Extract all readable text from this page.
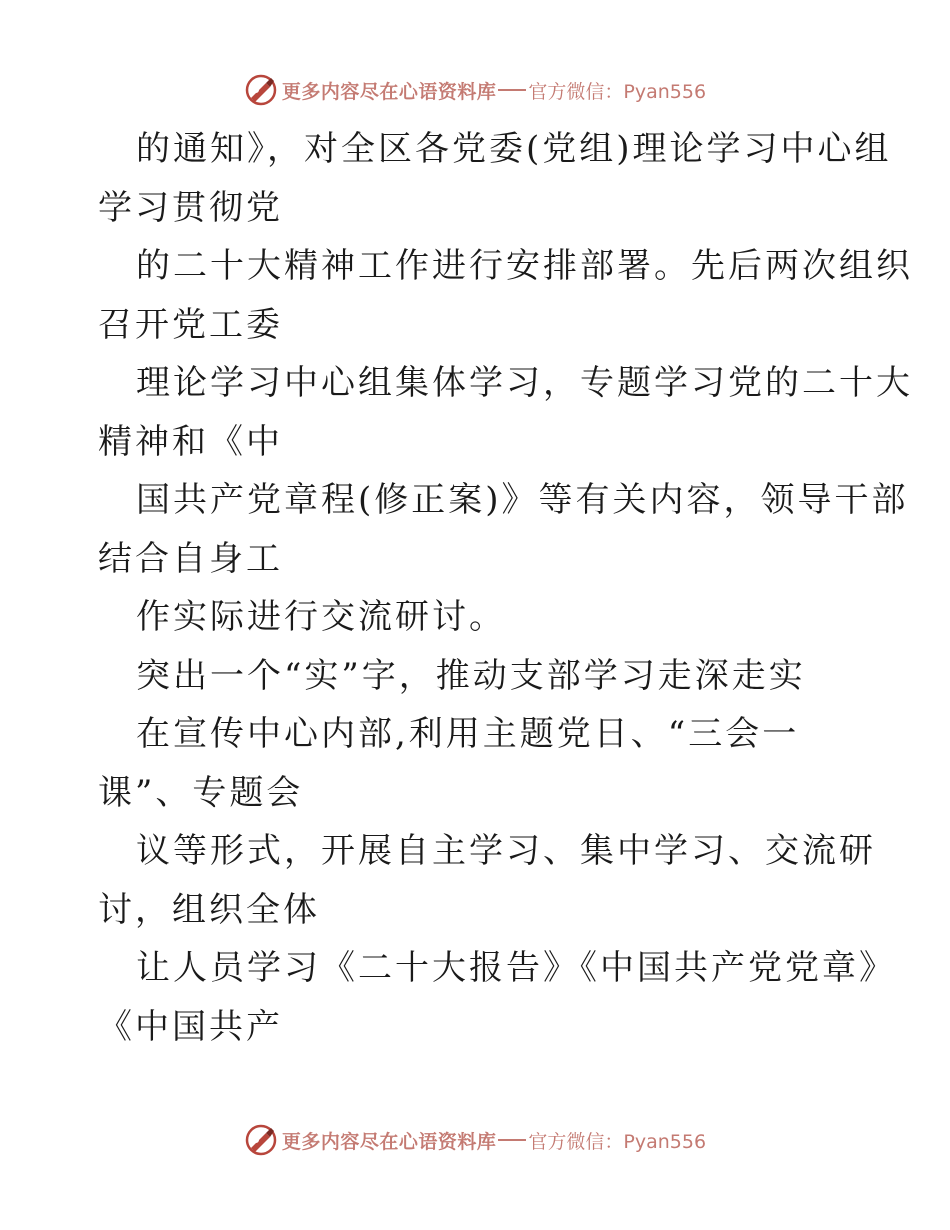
更多内容尽在心语资料库 官方微信：Pyan556
的通知》，对全区各党委(党组)理论学习中心组
学习贯彻党
的二十大精神工作进行安排部署。先后两次组织
召开党工委
理论学习中心组集体学习，专题学习党的二十大
精神和《中
国共产党章程(修正案)》等有关内容，领导干部
结合自身工
作实际进行交流研讨。
突出一个“实”字，推动支部学习走深走实
在宣传中心内部,利用主题党日、“三会一
课”、专题会
议等形式，开展自主学习、集中学习、交流研
讨，组织全体
让人员学习《二十大报告》《中国共产党党章》
《中国共产
更多内容尽在心语资料库 官方微信：Pyan556
